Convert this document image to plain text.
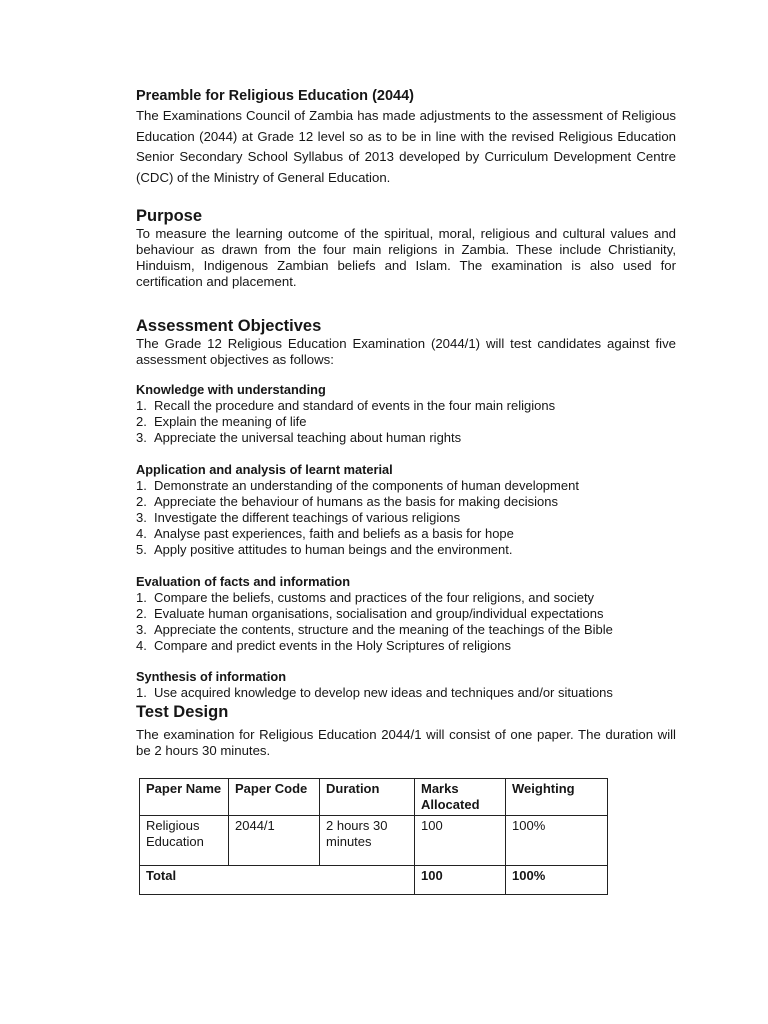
Preamble for Religious Education (2044)

The Examinations Council of Zambia has made adjustments to the assessment of Religious Education (2044) at Grade 12 level so as to be in line with the revised Religious Education Senior Secondary School Syllabus of 2013 developed by Curriculum Development Centre (CDC) of the Ministry of General Education.

Purpose

To measure the learning outcome of the spiritual, moral, religious and cultural values and behaviour as drawn from the four main religions in Zambia. These include Christianity, Hinduism, Indigenous Zambian beliefs and Islam. The examination is also used for certification and placement.

Assessment Objectives

The Grade 12 Religious Education Examination (2044/1) will test candidates against five assessment objectives as follows:

Knowledge with understanding
1. Recall the procedure and standard of events in the four main religions
2. Explain the meaning of life
3. Appreciate the universal teaching about human rights
Application and analysis of learnt material
1. Demonstrate an understanding of the components of human development
2. Appreciate the behaviour of humans as the basis for making decisions
3. Investigate the different teachings of various religions
4. Analyse past experiences, faith and beliefs as a basis for hope
5. Apply positive attitudes to human beings and the environment.
Evaluation of facts and information
1. Compare the beliefs, customs and practices of the four religions, and society
2. Evaluate human organisations, socialisation and group/individual expectations
3. Appreciate the contents, structure and the meaning of the teachings of the Bible
4. Compare and predict events in the Holy Scriptures of religions
Synthesis of information
1. Use acquired knowledge to develop new ideas and techniques and/or situations
Test Design

The examination for Religious Education 2044/1 will consist of one paper. The duration will be 2 hours 30 minutes.

Paper Name	Paper Code	Duration	Marks Allocated	Weighting
Religious Education	2044/1	2 hours 30 minutes	100	100%
Total			100	100%
